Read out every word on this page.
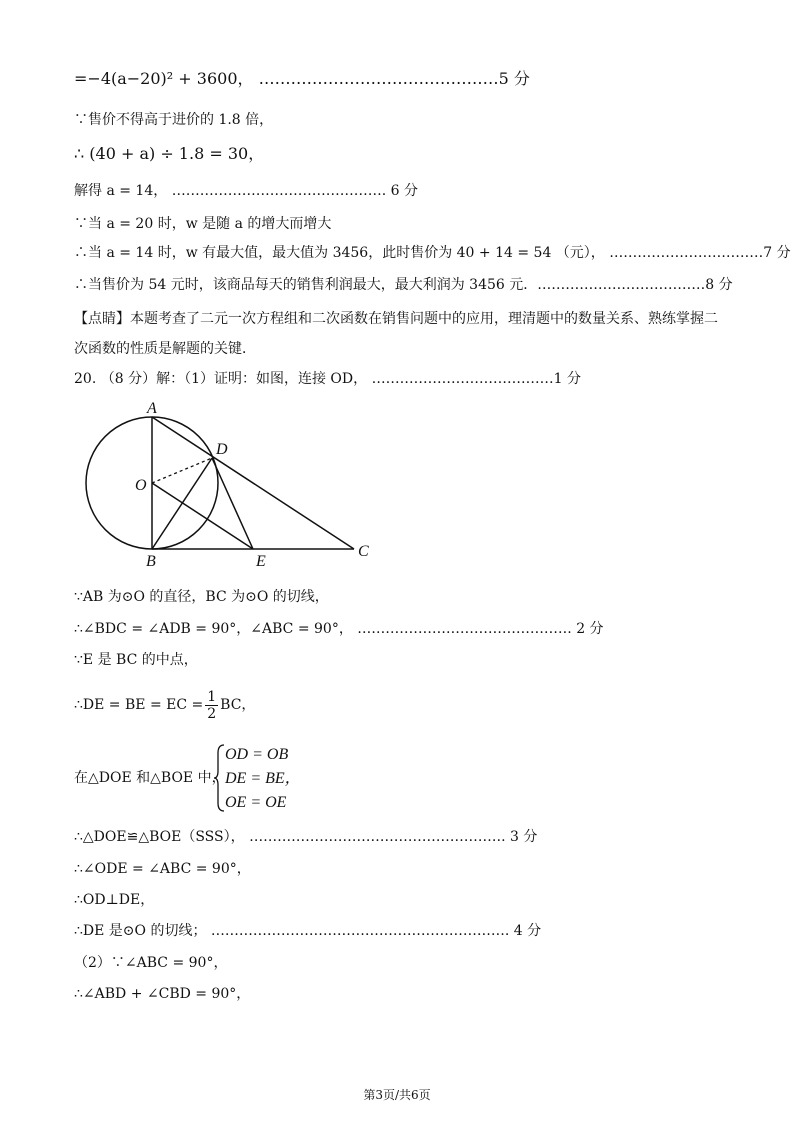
=−4(a−20)² + 3600， ………………………………………5 分
∵售价不得高于进价的 1.8 倍，
∴ (40 + a) ÷ 1.8 = 30，
解得 a = 14， ………………………………………. 6 分
∵当 a = 20 时，w 是随 a 的增大而增大
∴当 a = 14 时，w 有最大值，最大值为 3456，此时售价为 40 + 14 = 54 （元）， ……………………………7 分
∴当售价为 54 元时，该商品每天的销售利润最大，最大利润为 3456 元．………………………………8 分
【点睛】本题考查了二元一次方程组和二次函数在销售问题中的应用，理清题中的数量关系、熟练掌握二
次函数的性质是解题的关键．
20. （8 分）解：（1）证明：如图，连接 OD， …………………………………1 分
A
D
O
B	E
C
∵AB 为⊙O 的直径，BC 为⊙O 的切线，
∴∠BDC = ∠ADB = 90°，∠ABC = 90°， ………………………………………. 2 分
∵E 是 BC 的中点，
∴DE = BE = EC = $\frac{1}{2}$ BC，
在△DOE 和△BOE 中，
OD = OB
DE = BE，
OE = OE
∴△DOE≌△BOE（SSS）， ………………………………………………. 3 分
∴∠ODE = ∠ABC = 90°，
∴OD⊥DE，
∴DE 是⊙O 的切线； ………………………………………………………. 4 分
（2）∵∠ABC = 90°，
∴∠ABD + ∠CBD = 90°，
第3页/共6页
